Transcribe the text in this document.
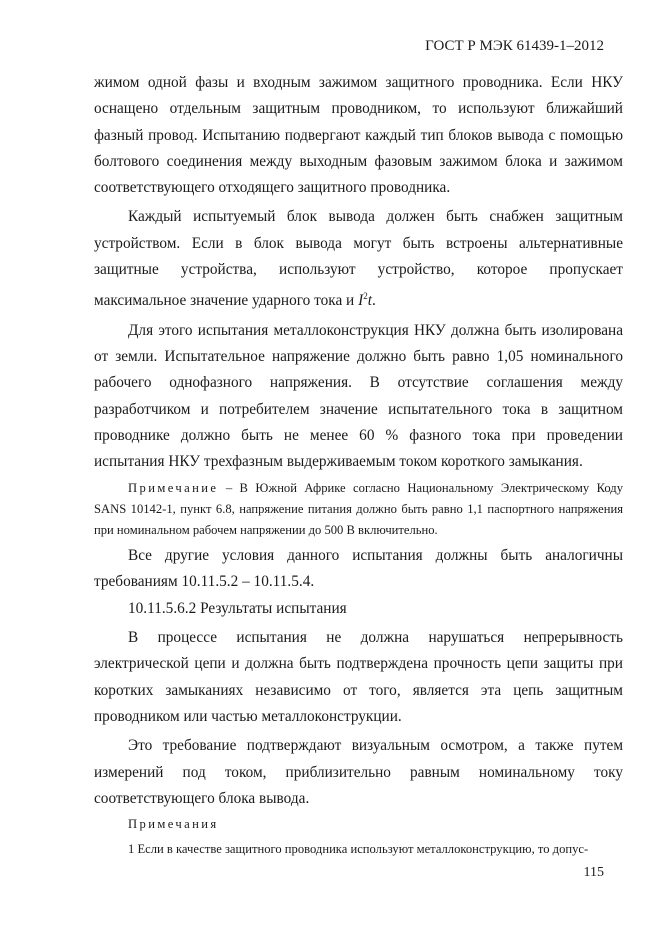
ГОСТ Р МЭК 61439-1–2012

жимом одной фазы и входным зажимом защитного проводника. Если НКУ оснащено отдельным защитным проводником, то используют ближайший фазный провод. Испытанию подвергают каждый тип блоков вывода с помощью болтового соединения между выходным фазовым зажимом блока и зажимом соответствующего отходящего защитного проводника.

Каждый испытуемый блок вывода должен быть снабжен защитным устройством. Если в блок вывода могут быть встроены альтернативные защитные устройства, используют устройство, которое пропускает максимальное значение ударного тока и $I^2t$.

Для этого испытания металлоконструкция НКУ должна быть изолирована от земли. Испытательное напряжение должно быть равно 1,05 номинального рабочего однофазного напряжения. В отсутствие соглашения между разработчиком и потребителем значение испытательного тока в защитном проводнике должно быть не менее 60 % фазного тока при проведении испытания НКУ трехфазным выдерживаемым током короткого замыкания.

Примечание – В Южной Африке согласно Национальному Электрическому Коду SANS 10142-1, пункт 6.8, напряжение питания должно быть равно 1,1 паспортного напряжения при номинальном рабочем напряжении до 500 В включительно.

Все другие условия данного испытания должны быть аналогичны требованиям 10.11.5.2 – 10.11.5.4.

10.11.5.6.2 Результаты испытания

В процессе испытания не должна нарушаться непрерывность электрической цепи и должна быть подтверждена прочность цепи защиты при коротких замыканиях независимо от того, является эта цепь защитным проводником или частью металлоконструкции.

Это требование подтверждают визуальным осмотром, а также путем измерений под током, приблизительно равным номинальному току соответствующего блока вывода.

Примечания

1 Если в качестве защитного проводника используют металлоконструкцию, то допус-

115
